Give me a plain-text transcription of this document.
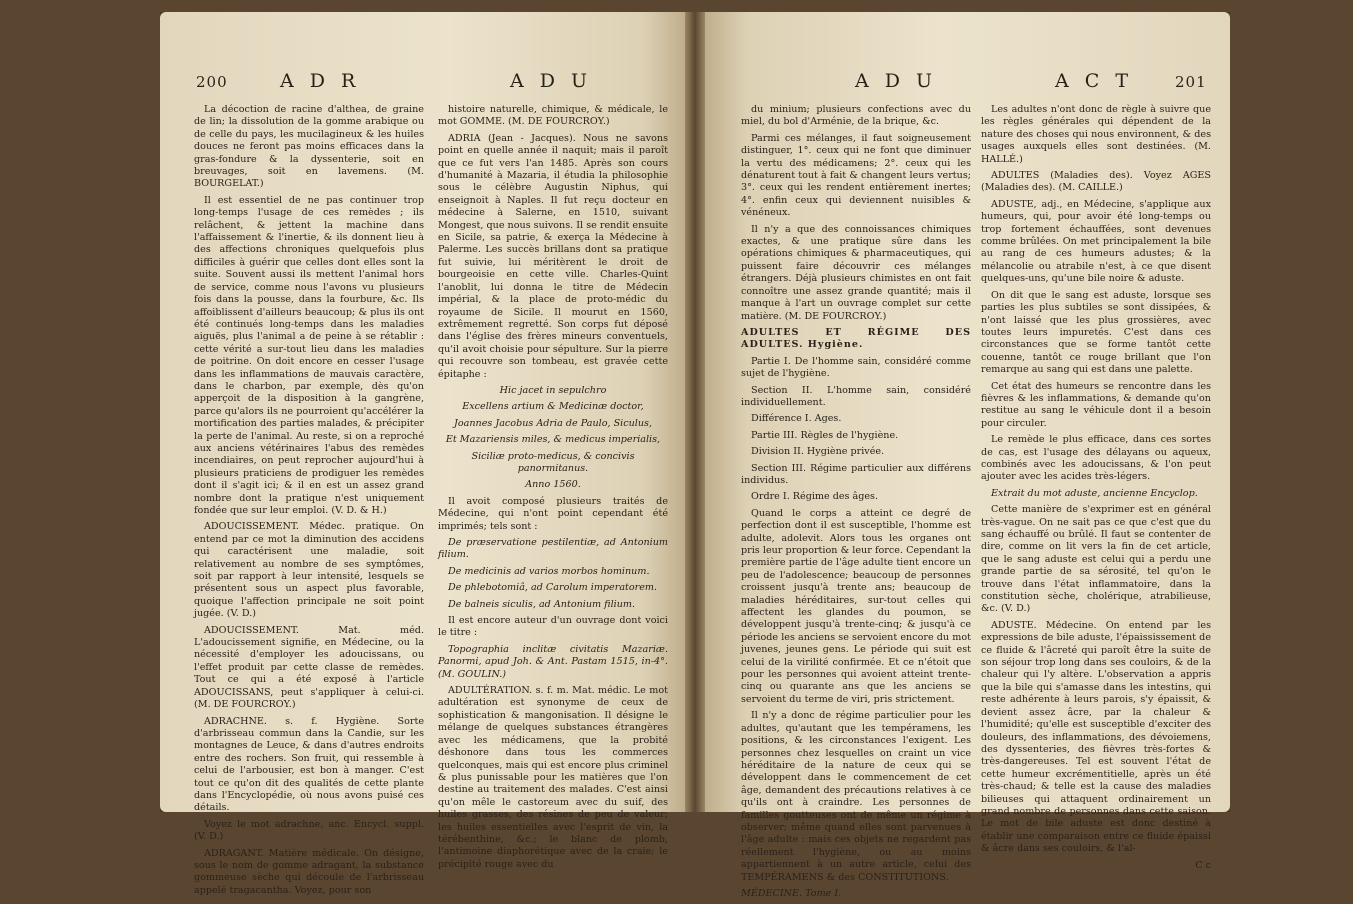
200	A D R	A D U

La décoction de racine d'althea, de graine de lin; la dissolution de la gomme arabique ou de celle du pays, les mucilagineux & les huiles douces ne feront pas moins efficaces dans la gras-fondure & la dyssenterie, soit en breuvages, soit en lavemens. (M. BOURGELAT.)

Il est essentiel de ne pas continuer trop long-temps l'usage de ces remèdes ; ils relâchent, & jettent la machine dans l'affaissement & l'inertie, & ils donnent lieu à des affections chroniques quelquefois plus difficiles à guérir que celles dont elles sont la suite. Souvent aussi ils mettent l'animal hors de service, comme nous l'avons vu plusieurs fois dans la pousse, dans la fourbure, &c. Ils affoiblissent d'ailleurs beaucoup; & plus ils ont été continués long-temps dans les maladies aiguës, plus l'animal a de peine à se rétablir : cette vérité a sur-tout lieu dans les maladies de poitrine. On doit encore en cesser l'usage dans les inflammations de mauvais caractère, dans le charbon, par exemple, dès qu'on apperçoit de la disposition à la gangrène, parce qu'alors ils ne pourroient qu'accélérer la mortification des parties malades, & précipiter la perte de l'animal. Au reste, si on a reproché aux anciens vétérinaires l'abus des remèdes incendiaires, on peut reprocher aujourd'hui à plusieurs praticiens de prodiguer les remèdes dont il s'agit ici; & il en est un assez grand nombre dont la pratique n'est uniquement fondée que sur leur emploi. (V. D. & H.)

ADOUCISSEMENT. Médec. pratique. On entend par ce mot la diminution des accidens qui caractérisent une maladie, soit relativement au nombre de ses symptômes, soit par rapport à leur intensité, lesquels se présentent sous un aspect plus favorable, quoique l'affection principale ne soit point jugée. (V. D.)

ADOUCISSEMENT. Mat. méd. L'adoucissement signifie, en Médecine, ou la nécessité d'employer les adoucissans, ou l'effet produit par cette classe de remèdes. Tout ce qui a été exposé à l'article ADOUCISSANS, peut s'appliquer à celui-ci. (M. DE FOURCROY.)

ADRACHNE. s. f. Hygiène. Sorte d'arbrisseau commun dans la Candie, sur les montagnes de Leuce, & dans d'autres endroits entre des rochers. Son fruit, qui ressemble à celui de l'arbousier, est bon à manger. C'est tout ce qu'on dit des qualités de cette plante dans l'Encyclopédie, où nous avons puisé ces détails.

Voyez le mot adrachne, anc. Encycl. suppl. (V. D.)

ADRAGANT. Matière médicale. On désigne, sous le nom de gomme adragant, la substance gommeuse sèche qui découle de l'arbrisseau appelé tragacantha. Voyez, pour son

histoire naturelle, chimique, & médicale, le mot GOMME. (M. DE FOURCROY.)

ADRIA (Jean - Jacques). Nous ne savons point en quelle année il naquit; mais il paroît que ce fut vers l'an 1485. Après son cours d'humanité à Mazaria, il étudia la philosophie sous le célèbre Augustin Niphus, qui enseignoit à Naples. Il fut reçu docteur en médecine à Salerne, en 1510, suivant Mongest, que nous suivons. Il se rendit ensuite en Sicile, sa patrie, & exerça la Médecine à Palerme. Les succès brillans dont sa pratique fut suivie, lui méritèrent le droit de bourgeoisie en cette ville. Charles-Quint l'anoblit, lui donna le titre de Médecin impérial, & la place de proto-médic du royaume de Sicile. Il mourut en 1560, extrêmement regretté. Son corps fut déposé dans l'église des frères mineurs conventuels, qu'il avoit choisie pour sépulture. Sur la pierre qui recouvre son tombeau, est gravée cette épitaphe :

Hic jacet in sepulchro

Excellens artium & Medicinæ doctor,

Joannes Jacobus Adria de Paulo, Siculus,

Et Mazariensis miles, & medicus imperialis,

Siciliæ proto-medicus, & concivis panormitanus.

Anno 1560.

Il avoit composé plusieurs traités de Médecine, qui n'ont point cependant été imprimés; tels sont :

De præservatione pestilentiæ, ad Antonium filium.

De medicinis ad varios morbos hominum.

De phlebotomiâ, ad Carolum imperatorem.

De balneis siculis, ad Antonium filium.

Il est encore auteur d'un ouvrage dont voici le titre :

Topographia inclitæ civitatis Mazariæ. Panormi, apud Joh. & Ant. Pastam 1515, in-4°. (M. GOULIN.)

ADULTÉRATION. s. f. m. Mat. médic. Le mot adultération est synonyme de ceux de sophistication & mangonisation. Il désigne le mélange de quelques substances étrangères avec les médicamens, que la probité déshonore dans tous les commerces quelconques, mais qui est encore plus criminel & plus punissable pour les matières que l'on destine au traitement des malades. C'est ainsi qu'on mêle le castoreum avec du suif, des huiles grasses, des résines de peu de valeur; les huiles essentielles avec l'esprit de vin, la térébenthine, &c.; le blanc de plomb, l'antimoine diaphorétique avec de la craie; le précipité rouge avec du

A D U	A C T	201

du minium; plusieurs confections avec du miel, du bol d'Arménie, de la brique, &c.

Parmi ces mélanges, il faut soigneusement distinguer, 1°. ceux qui ne font que diminuer la vertu des médicamens; 2°. ceux qui les dénaturent tout à fait & changent leurs vertus; 3°. ceux qui les rendent entièrement inertes; 4°. enfin ceux qui deviennent nuisibles & vénéneux.

Il n'y a que des connoissances chimiques exactes, & une pratique sûre dans les opérations chimiques & pharmaceutiques, qui puissent faire découvrir ces mélanges étrangers. Déjà plusieurs chimistes en ont fait connoître une assez grande quantité; mais il manque à l'art un ouvrage complet sur cette matière. (M. DE FOURCROY.)

ADULTES ET RÉGIME DES ADULTES. Hygiène.

Partie I. De l'homme sain, considéré comme sujet de l'hygiène.

Section II. L'homme sain, considéré individuellement.

Différence I. Ages.

Partie III. Règles de l'hygiène.

Division II. Hygiène privée.

Section III. Régime particulier aux différens individus.

Ordre I. Régime des âges.

Quand le corps a atteint ce degré de perfection dont il est susceptible, l'homme est adulte, adolevit. Alors tous les organes ont pris leur proportion & leur force. Cependant la première partie de l'âge adulte tient encore un peu de l'adolescence; beaucoup de personnes croissent jusqu'à trente ans; beaucoup de maladies héréditaires, sur-tout celles qui affectent les glandes du poumon, se développent jusqu'à trente-cinq; & jusqu'à ce période les anciens se servoient encore du mot juvenes, jeunes gens. Le période qui suit est celui de la virilité confirmée. Et ce n'étoit que pour les personnes qui avoient atteint trente-cinq ou quarante ans que les anciens se servoient du terme de viri, pris strictement.

Il n'y a donc de régime particulier pour les adultes, qu'autant que les tempéramens, les positions, & les circonstances l'exigent. Les personnes chez lesquelles on craint un vice héréditaire de la nature de ceux qui se développent dans le commencement de cet âge, demandent des précautions relatives à ce qu'ils ont à craindre. Les personnes de familles goutteuses ont de même un régime à observer; même quand elles sont parvenues à l'âge adulte : mais ces objets ne regardent pas réellement l'hygiène, ou au moins appartiennent à un autre article, celui des TEMPÉRAMENS & des CONSTITUTIONS.

MÉDECINE. Tome I.

Les adultes n'ont donc de règle à suivre que les règles générales qui dépendent de la nature des choses qui nous environnent, & des usages auxquels elles sont destinées. (M. HALLÉ.)

ADULTES (Maladies des). Voyez AGES (Maladies des). (M. CAILLE.)

ADUSTE, adj., en Médecine, s'applique aux humeurs, qui, pour avoir été long-temps ou trop fortement échauffées, sont devenues comme brûlées. On met principalement la bile au rang de ces humeurs adustes; & la mélancolie ou atrabile n'est, à ce que disent quelques-uns, qu'une bile noire & aduste.

On dit que le sang est aduste, lorsque ses parties les plus subtiles se sont dissipées, & n'ont laissé que les plus grossières, avec toutes leurs impuretés. C'est dans ces circonstances que se forme tantôt cette couenne, tantôt ce rouge brillant que l'on remarque au sang qui est dans une palette.

Cet état des humeurs se rencontre dans les fièvres & les inflammations, & demande qu'on restitue au sang le véhicule dont il a besoin pour circuler.

Le remède le plus efficace, dans ces sortes de cas, est l'usage des délayans ou aqueux, combinés avec les adoucissans, & l'on peut ajouter avec les acides très-légers.

Extrait du mot aduste, ancienne Encyclop.

Cette manière de s'exprimer est en général très-vague. On ne sait pas ce que c'est que du sang échauffé ou brûlé. Il faut se contenter de dire, comme on lit vers la fin de cet article, que le sang aduste est celui qui a perdu une grande partie de sa sérosité, tel qu'on le trouve dans l'état inflammatoire, dans la constitution sèche, cholérique, atrabilieuse, &c. (V. D.)

ADUSTE. Médecine. On entend par les expressions de bile aduste, l'épaississement de ce fluide & l'âcreté qui paroît être la suite de son séjour trop long dans ses couloirs, & de la chaleur qui l'y altère. L'observation a appris que la bile qui s'amasse dans les intestins, qui reste adhérente à leurs parois, s'y épaissit, & devient assez âcre, par la chaleur & l'humidité; qu'elle est susceptible d'exciter des douleurs, des inflammations, des dévoiemens, des dyssenteries, des fièvres très-fortes & très-dangereuses. Tel est souvent l'état de cette humeur excrémentitielle, après un été très-chaud; & telle est la cause des maladies bilieuses qui attaquent ordinairement un grand nombre de personnes dans cette saison. Le mot de bile aduste est donc destiné à établir une comparaison entre ce fluide épaissi & âcre dans ses couloirs, & l'al-

C c
